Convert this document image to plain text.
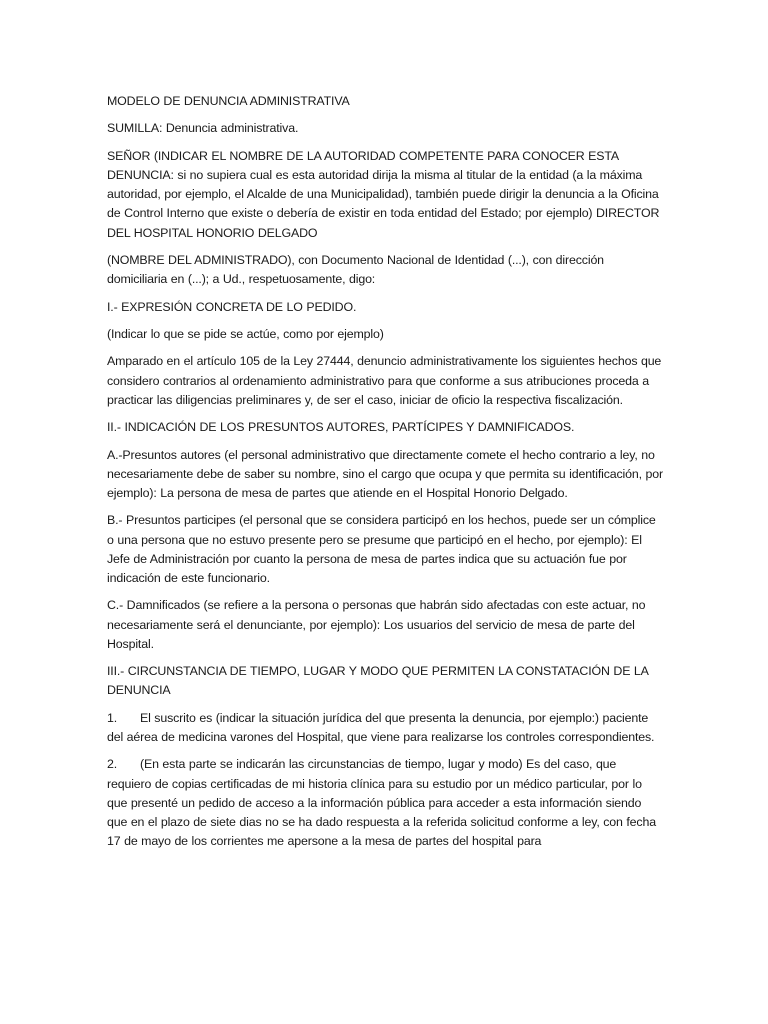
MODELO DE DENUNCIA ADMINISTRATIVA

SUMILLA: Denuncia administrativa.

SEÑOR (INDICAR EL NOMBRE DE LA AUTORIDAD COMPETENTE PARA CONOCER ESTA DENUNCIA: si no supiera cual es esta autoridad dirija la misma al titular de la entidad (a la máxima autoridad, por ejemplo, el Alcalde de una Municipalidad), también puede dirigir la denuncia a la Oficina de Control Interno que existe o debería de existir en toda entidad del Estado; por ejemplo) DIRECTOR DEL HOSPITAL HONORIO DELGADO

(NOMBRE DEL ADMINISTRADO), con Documento Nacional de Identidad (...), con dirección domiciliaria en (...); a Ud., respetuosamente, digo:

I.- EXPRESIÓN CONCRETA DE LO PEDIDO.

(Indicar lo que se pide se actúe, como por ejemplo)

Amparado en el artículo 105 de la Ley 27444, denuncio administrativamente los siguientes hechos que considero contrarios al ordenamiento administrativo para que conforme a sus atribuciones proceda a practicar las diligencias preliminares y, de ser el caso, iniciar de oficio la respectiva fiscalización.

II.- INDICACIÓN DE LOS PRESUNTOS AUTORES, PARTÍCIPES Y DAMNIFICADOS.

A.-Presuntos autores (el personal administrativo que directamente comete el hecho contrario a ley, no necesariamente debe de saber su nombre, sino el cargo que ocupa y que permita su identificación, por ejemplo): La persona de mesa de partes que atiende en el Hospital Honorio Delgado.

B.- Presuntos participes (el personal que se considera participó en los hechos, puede ser un cómplice o una persona que no estuvo presente pero se presume que participó en el hecho, por ejemplo): El Jefe de Administración por cuanto la persona de mesa de partes indica que su actuación fue por indicación de este funcionario.

C.- Damnificados (se refiere a la persona o personas que habrán sido afectadas con este actuar, no necesariamente será el denunciante, por ejemplo): Los usuarios del servicio de mesa de parte del Hospital.

III.- CIRCUNSTANCIA DE TIEMPO, LUGAR Y MODO QUE PERMITEN LA CONSTATACIÓN DE LA DENUNCIA

1. El suscrito es (indicar la situación jurídica del que presenta la denuncia, por ejemplo:) paciente del aérea de medicina varones del Hospital, que viene para realizarse los controles correspondientes.

2. (En esta parte se indicarán las circunstancias de tiempo, lugar y modo) Es del caso, que requiero de copias certificadas de mi historia clínica para su estudio por un médico particular, por lo que presenté un pedido de acceso a la información pública para acceder a esta información siendo que en el plazo de siete dias no se ha dado respuesta a la referida solicitud conforme a ley, con fecha 17 de mayo de los corrientes me apersone a la mesa de partes del hospital para
